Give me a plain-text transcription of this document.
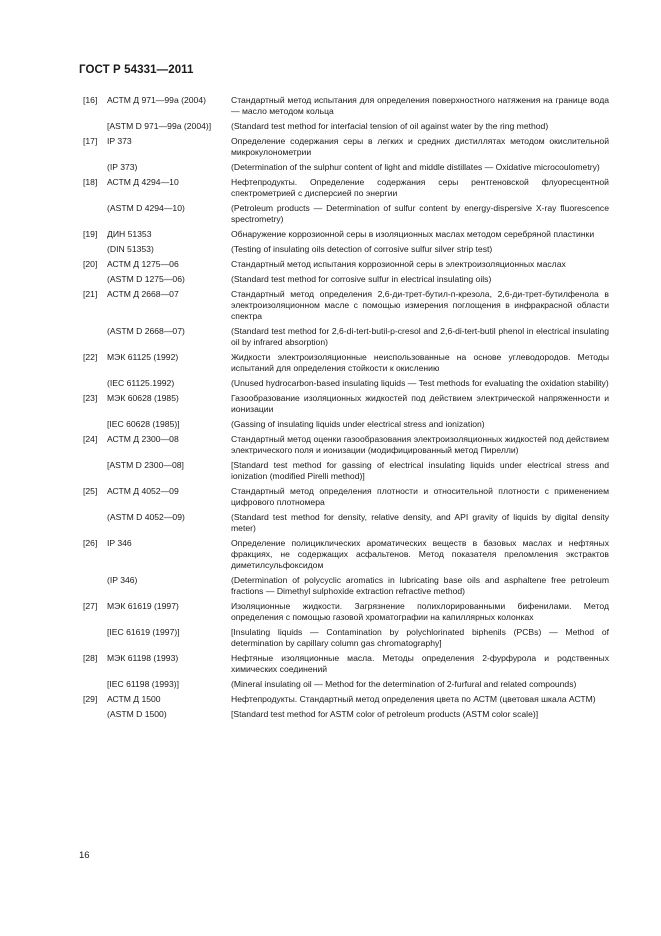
ГОСТ Р 54331—2011
[16]	АСТМ Д 971—99а (2004)	Стандартный метод испытания для определения поверхностного натяжения на границе вода — масло методом кольца
[ASTM D 971—99a (2004)]	(Standard test method for interfacial tension of oil against water by the ring method)
[17]	IP 373	Определение содержания серы в легких и средних дистиллятах методом окислительной микрокулонометрии
(IP 373)	(Determination of the sulphur content of light and middle distillates — Oxidative microcoulometry)
[18]	АСТМ Д 4294—10	Нефтепродукты. Определение содержания серы рентгеновской флуоресцентной спектрометрией с дисперсией по энергии
(ASTM D 4294—10)	(Petroleum products — Determination of sulfur content by energy-dispersive X-ray fluorescence spectrometry)
[19]	ДИН 51353	Обнаружение коррозионной серы в изоляционных маслах методом серебряной пластинки
(DIN 51353)	(Testing of insulating oils detection of corrosive sulfur silver strip test)
[20]	АСТМ Д 1275—06	Стандартный метод испытания коррозионной серы в электроизоляционных маслах
(ASTM D 1275—06)	(Standard test method for corrosive sulfur in electrical insulating oils)
[21]	АСТМ Д 2668—07	Стандартный метод определения 2,6-ди-трет-бутил-п-крезола, 2,6-ди-трет-бутилфенола в электроизоляционном масле с помощью измерения поглощения в инфракрасной области спектра
(ASTM D 2668—07)	(Standard test method for 2,6-di-tert-butil-p-cresol and 2,6-di-tert-butil phenol in electrical insulating oil by infrared absorption)
[22]	МЭК 61125 (1992)	Жидкости электроизоляционные неиспользованные на основе углеводородов. Методы испытаний для определения стойкости к окислению
(IEC 61125.1992)	(Unused hydrocarbon-based insulating liquids — Test methods for evaluating the oxidation stability)
[23]	МЭК 60628 (1985)	Газообразование изоляционных жидкостей под действием электрической напряженности и ионизации
[IEC 60628 (1985)]	(Gassing of insulating liquids under electrical stress and ionization)
[24]	АСТМ Д 2300—08	Стандартный метод оценки газообразования электроизоляционных жидкостей под действием электрического поля и ионизации (модифицированный метод Пирелли)
[ASTM D 2300—08]	[Standard test method for gassing of electrical insulating liquids under electrical stress and ionization (modified Pirelli method)]
[25]	АСТМ Д 4052—09	Стандартный метод определения плотности и относительной плотности с применением цифрового плотномера
(ASTM D 4052—09)	(Standard test method for density, relative density, and API gravity of liquids by digital density meter)
[26]	IP 346	Определение полициклических ароматических веществ в базовых маслах и нефтяных фракциях, не содержащих асфальтенов. Метод показателя преломления экстрактов диметилсульфоксидом
(IP 346)	(Determination of polycyclic aromatics in lubricating base oils and asphaltene free petroleum fractions — Dimethyl sulphoxide extraction refractive method)
[27]	МЭК 61619 (1997)	Изоляционные жидкости. Загрязнение полихлорированными бифенилами. Метод определения с помощью газовой хроматографии на капиллярных колонках
[IEC 61619 (1997)]	[Insulating liquids — Contamination by polychlorinated biphenils (PCBs) — Method of determination by capillary column gas chromatography]
[28]	МЭК 61198 (1993)	Нефтяные изоляционные масла. Методы определения 2-фурфурола и родственных химических соединений
[IEC 61198 (1993)]	(Mineral insulating oil — Method for the determination of 2-furfural and related compounds)
[29]	АСТМ Д 1500	Нефтепродукты. Стандартный метод определения цвета по АСТМ (цветовая шкала АСТМ)
(ASTM D 1500)	[Standard test method for ASTM color of petroleum products (ASTM color scale)]
16
